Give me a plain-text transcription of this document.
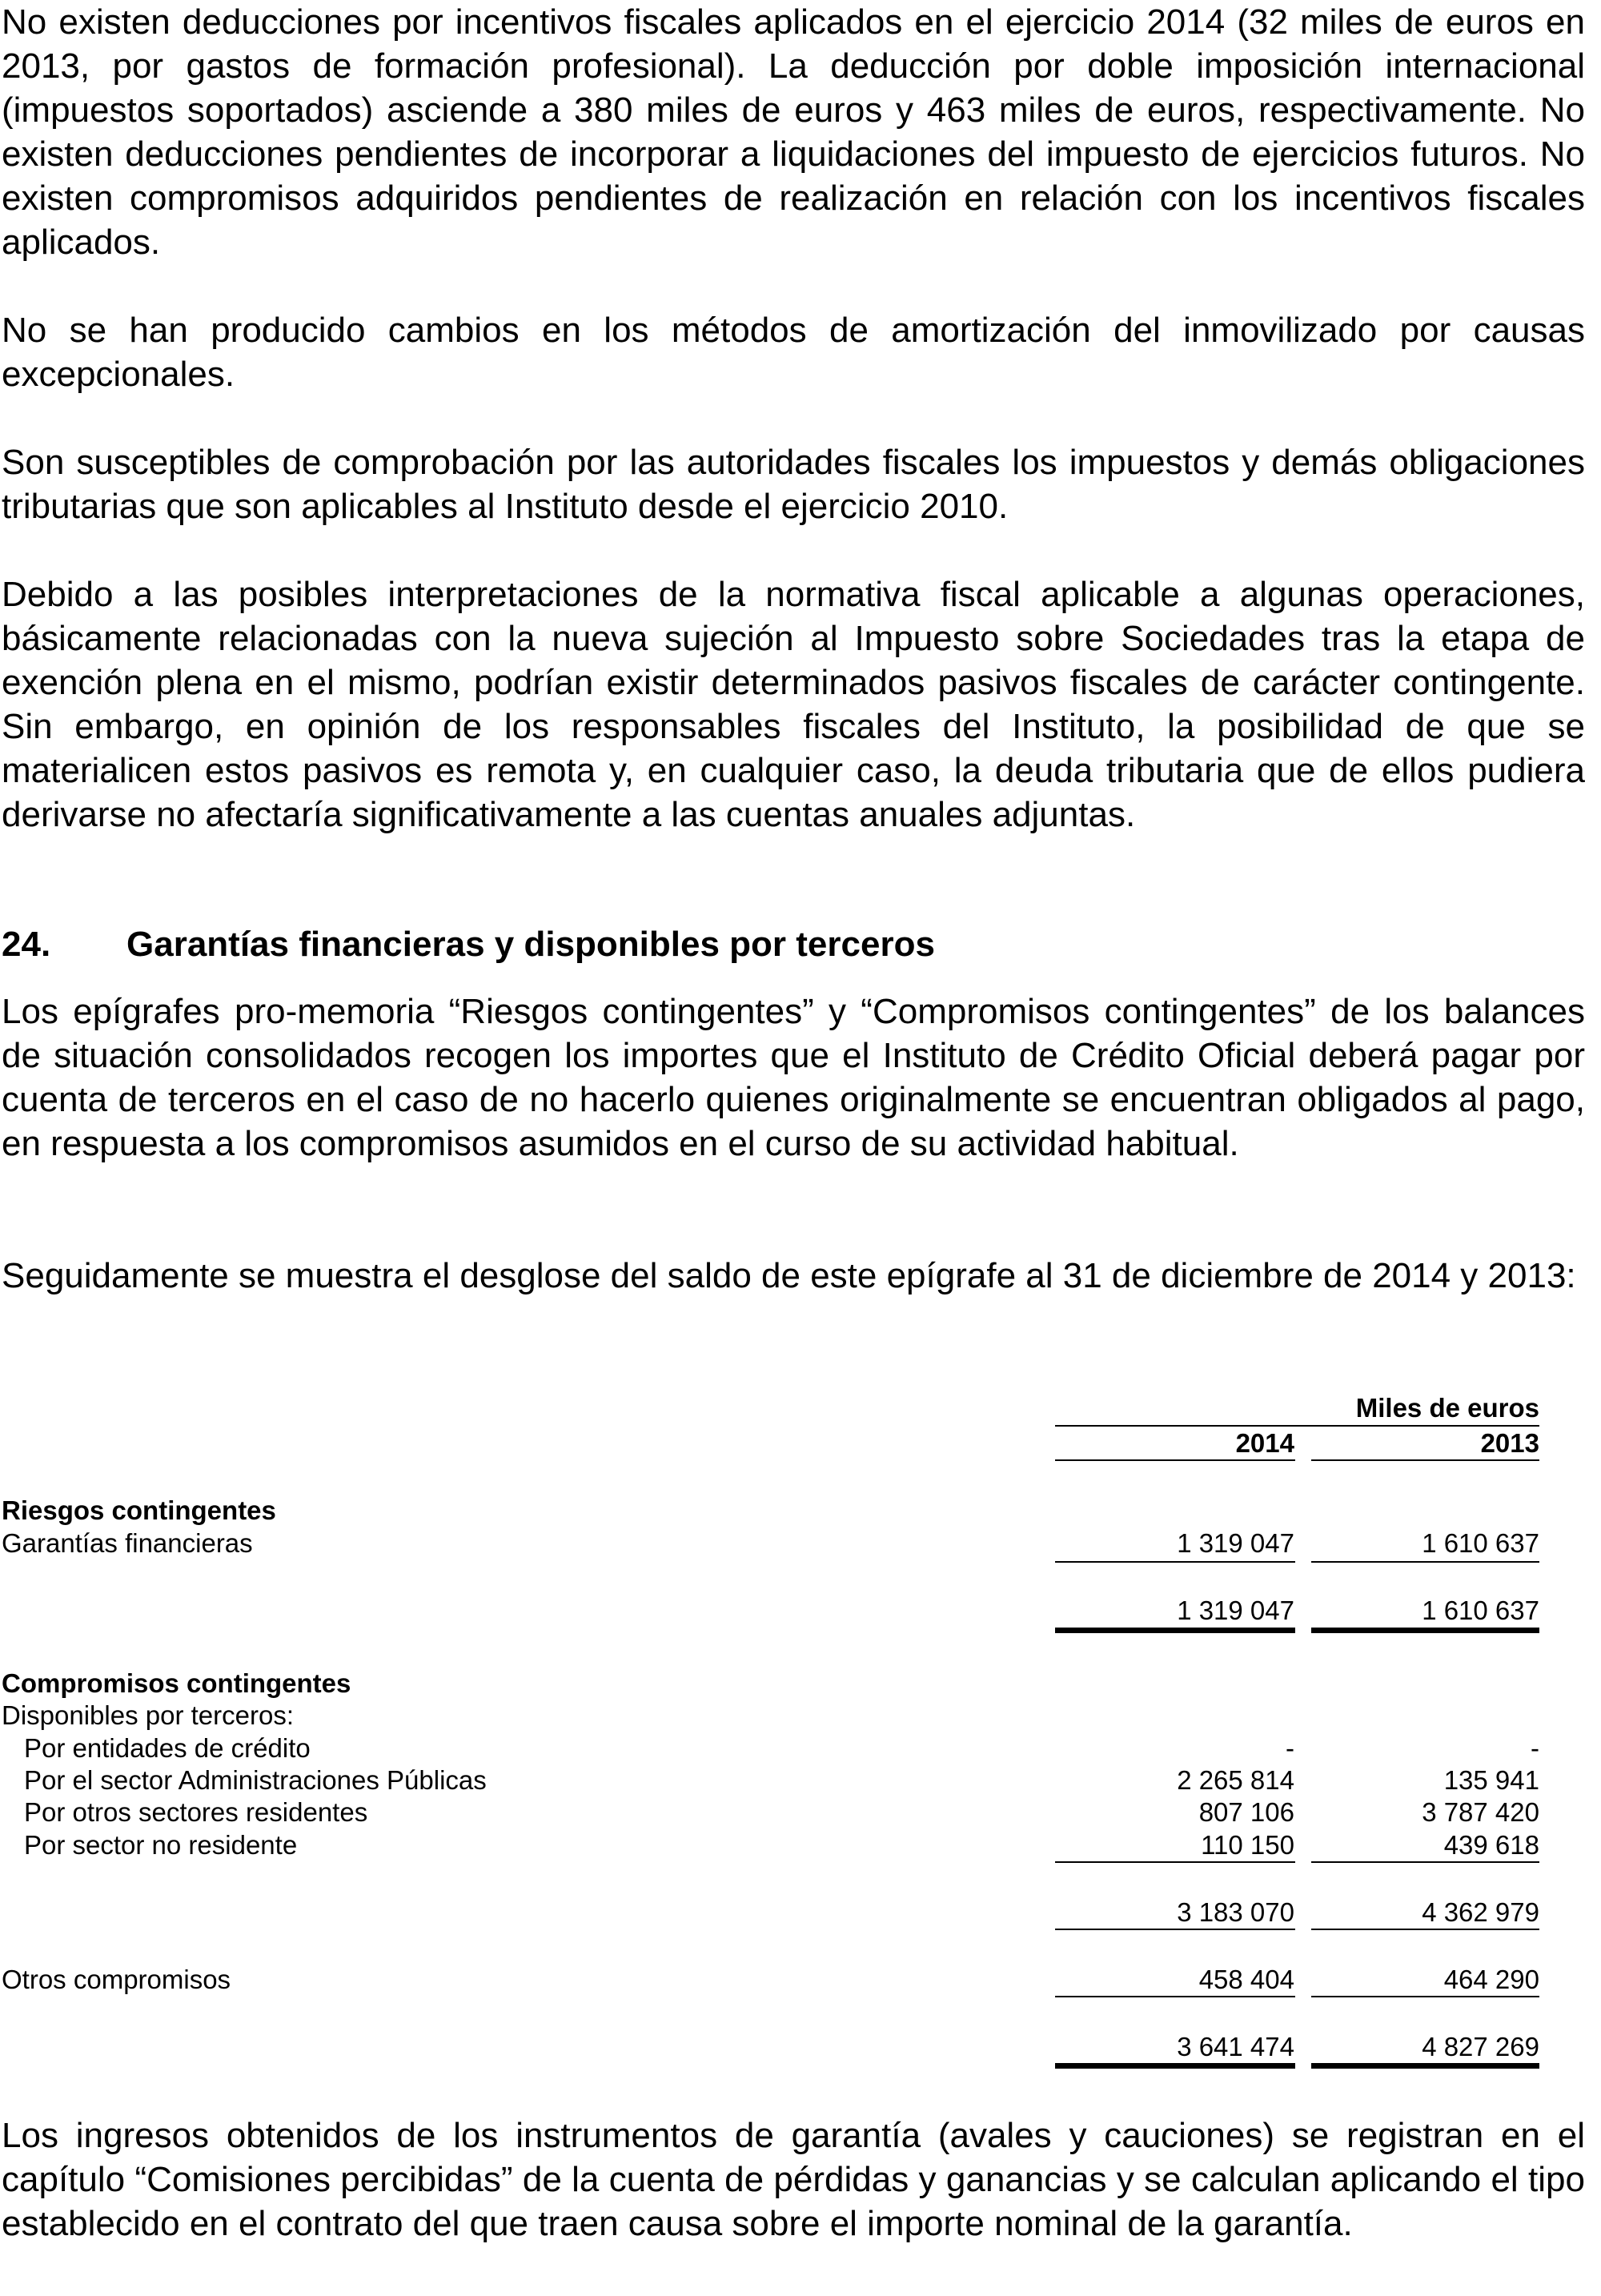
No existen deducciones por incentivos fiscales aplicados en el ejercicio 2014 (32 miles de euros en 2013, por gastos de formación profesional). La deducción por doble imposición internacional (impuestos soportados) asciende a 380 miles de euros y 463 miles de euros, respectivamente. No existen deducciones pendientes de incorporar a liquidaciones del impuesto de ejercicios futuros. No existen compromisos adquiridos pendientes de realización en relación con los incentivos fiscales aplicados.

No se han producido cambios en los métodos de amortización del inmovilizado por causas excepcionales.

Son susceptibles de comprobación por las autoridades fiscales los impuestos y demás obligaciones tributarias que son aplicables al Instituto desde el ejercicio 2010.

Debido a las posibles interpretaciones de la normativa fiscal aplicable a algunas operaciones, básicamente relacionadas con la nueva sujeción al Impuesto sobre Sociedades tras la etapa de exención plena en el mismo, podrían existir determinados pasivos fiscales de carácter contingente. Sin embargo, en opinión de los responsables fiscales del Instituto, la posibilidad de que se materialicen estos pasivos es remota y, en cualquier caso, la deuda tributaria que de ellos pudiera derivarse no afectaría significativamente a las cuentas anuales adjuntas.

24. Garantías financieras y disponibles por terceros

Los epígrafes pro-memoria “Riesgos contingentes” y “Compromisos contingentes” de los balances de situación consolidados recogen los importes que el Instituto de Crédito Oficial deberá pagar por cuenta de terceros en el caso de no hacerlo quienes originalmente se encuentran obligados al pago, en respuesta a los compromisos asumidos en el curso de su actividad habitual.

Seguidamente se muestra el desglose del saldo de este epígrafe al 31 de diciembre de 2014 y 2013:

Miles de euros
2014	2013
Riesgos contingentes
Garantías financieras	1 319 047	1 610 637
1 319 047	1 610 637
Compromisos contingentes
Disponibles por terceros:
Por entidades de crédito	-	-
Por el sector Administraciones Públicas	2 265 814	135 941
Por otros sectores residentes	807 106	3 787 420
Por sector no residente	110 150	439 618
3 183 070	4 362 979
Otros compromisos	458 404	464 290
3 641 474	4 827 269

Los ingresos obtenidos de los instrumentos de garantía (avales y cauciones) se registran en el capítulo “Comisiones percibidas” de la cuenta de pérdidas y ganancias y se calculan aplicando el tipo establecido en el contrato del que traen causa sobre el importe nominal de la garantía.
